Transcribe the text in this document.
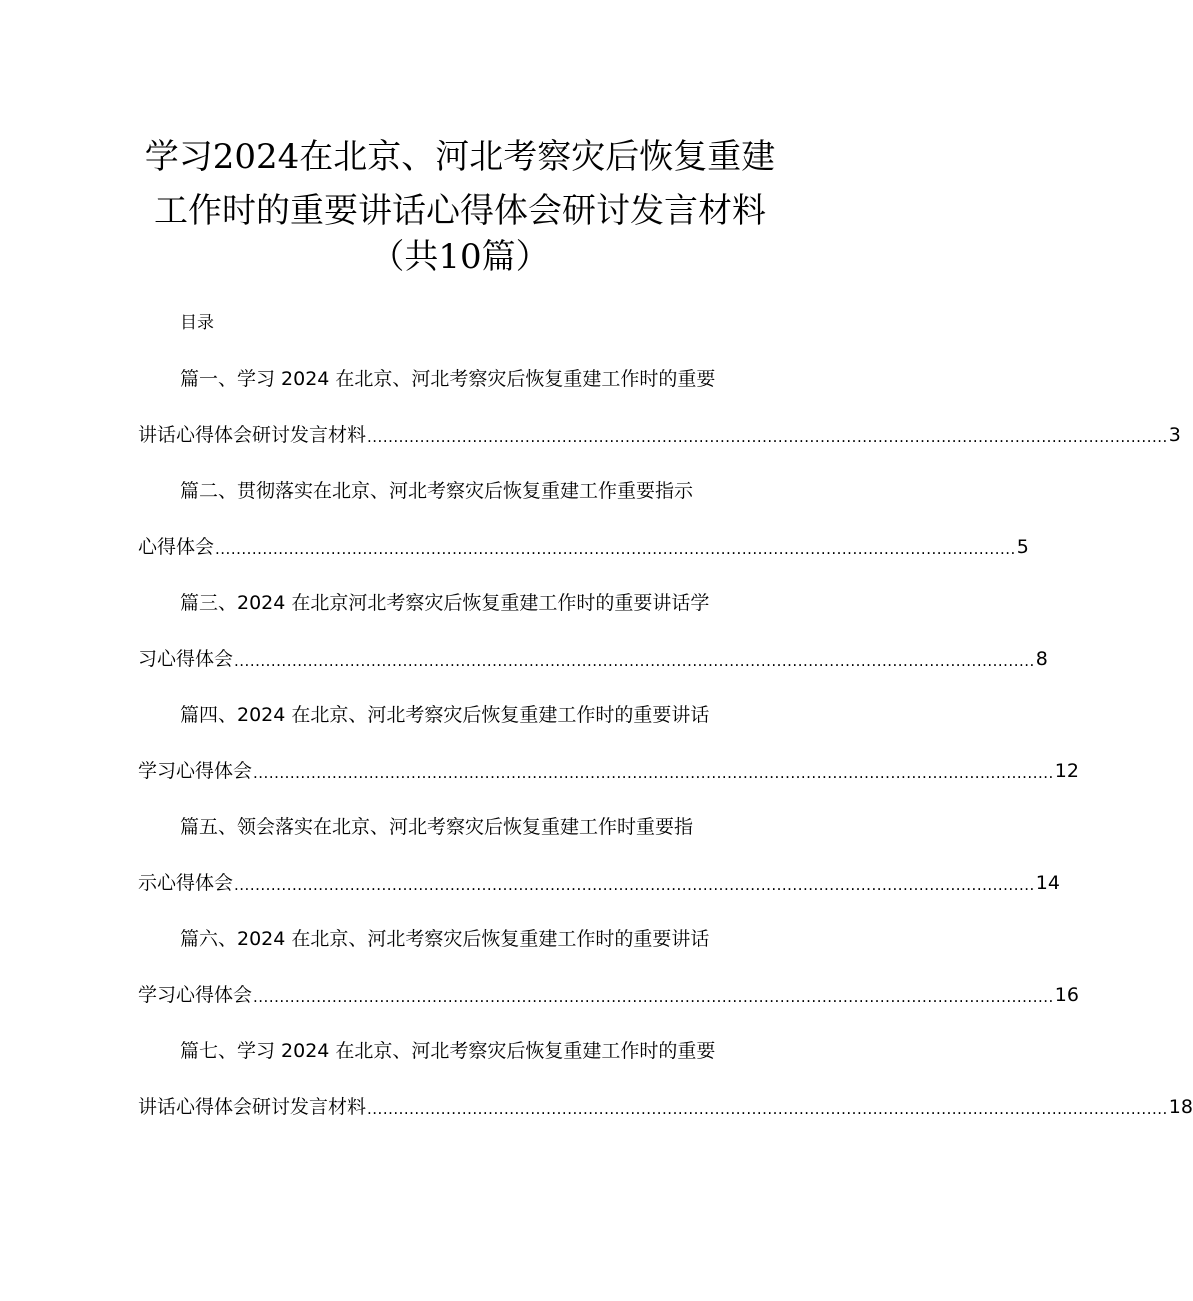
学习2024在北京、河北考察灾后恢复重建
工作时的重要讲话心得体会研讨发言材料
（共10篇）
目录
篇一、学习 2024 在北京、河北考察灾后恢复重建工作时的重要
讲话心得体会研讨发言材料 ........................................................................................................................................................ 3
篇二、贯彻落实在北京、河北考察灾后恢复重建工作重要指示
心得体会 ........................................................................................................................................................ 5
篇三、2024 在北京河北考察灾后恢复重建工作时的重要讲话学
习心得体会 ........................................................................................................................................................ 8
篇四、2024 在北京、河北考察灾后恢复重建工作时的重要讲话
学习心得体会 ........................................................................................................................................................ 12
篇五、领会落实在北京、河北考察灾后恢复重建工作时重要指
示心得体会 ........................................................................................................................................................ 14
篇六、2024 在北京、河北考察灾后恢复重建工作时的重要讲话
学习心得体会 ........................................................................................................................................................ 16
篇七、学习 2024 在北京、河北考察灾后恢复重建工作时的重要
讲话心得体会研讨发言材料 ........................................................................................................................................................ 18
